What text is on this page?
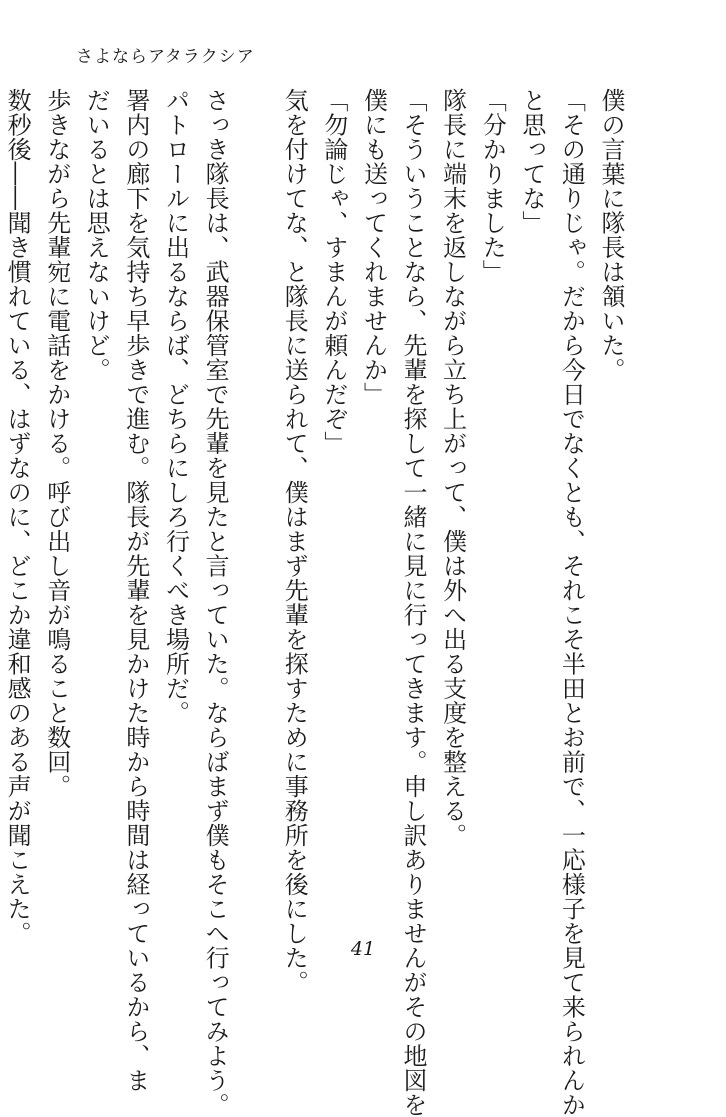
さよならアタラクシア

僕の言葉に隊長は頷いた。

「その通りじゃ。だから今日でなくとも、それこそ半田とお前で、一応様子を見て来られんか

と思ってな」

「分かりました」

隊長に端末を返しながら立ち上がって、僕は外へ出る支度を整える。

「そういうことなら、先輩を探して一緒に見に行ってきます。申し訳ありませんがその地図を

僕にも送ってくれませんか」

「勿論じゃ、すまんが頼んだぞ」

気を付けてな、と隊長に送られて、僕はまず先輩を探すために事務所を後にした。

さっき隊長は、武器保管室で先輩を見たと言っていた。ならばまず僕もそこへ行ってみよう。

パトロールに出るならば、どちらにしろ行くべき場所だ。

署内の廊下を気持ち早歩きで進む。隊長が先輩を見かけた時から時間は経っているから、ま

だいるとは思えないけど。

歩きながら先輩宛に電話をかける。呼び出し音が鳴ること数回。

数秒後――聞き慣れている、はずなのに、どこか違和感のある声が聞こえた。

41
